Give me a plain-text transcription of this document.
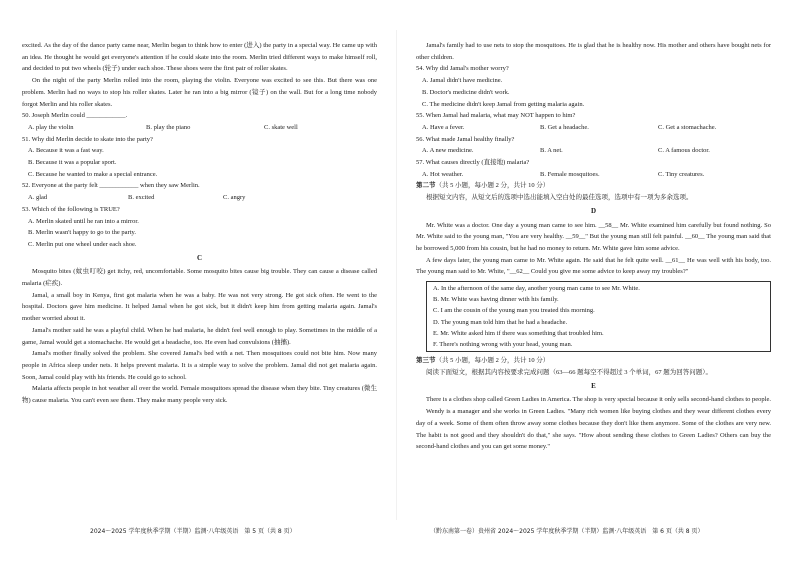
excited. As the day of the dance party came near, Merlin began to think how to enter (进入) the party in a special way. He came up with an idea. He thought he would get everyone's attention if he could skate into the room. Merlin tried different ways to make himself roll, and decided to put two wheels (轮子) under each shoe. These shoes were the first pair of roller skates.

On the night of the party Merlin rolled into the room, playing the violin. Everyone was excited to see this. But there was one problem. Merlin had no ways to stop his roller skates. Later he ran into a big mirror (镜子) on the wall. But for a long time nobody forgot Merlin and his roller skates.

50. Joseph Merlin could ____________.

A. play the violin	B. play the piano	C. skate well

51. Why did Merlin decide to skate into the party?

A. Because it was a fast way.

B. Because it was a popular sport.

C. Because he wanted to make a special entrance.

52. Everyone at the party felt ____________ when they saw Merlin.

A. glad	B. excited	C. angry

53. Which of the following is TRUE?

A. Merlin skated until he ran into a mirror.

B. Merlin wasn't happy to go to the party.

C. Merlin put one wheel under each shoe.

C

Mosquito bites (蚊虫叮咬) get itchy, red, uncomfortable. Some mosquito bites cause big trouble. They can cause a disease called malaria (疟疾).

Jamal, a small boy in Kenya, first got malaria when he was a baby. He was not very strong. He got sick often. He went to the hospital. Doctors gave him medicine. It helped Jamal when he got sick, but it didn't keep him from getting malaria again. Jamal's mother worried about it.

Jamal's mother said he was a playful child. When he had malaria, he didn't feel well enough to play. Sometimes in the middle of a game, Jamal would get a stomachache. He would get a headache, too. He even had convulsions (抽搐).

Jamal's mother finally solved the problem. She covered Jamal's bed with a net. Then mosquitoes could not bite him. Now many people in Africa sleep under nets. It helps prevent malaria. It is a simple way to solve the problem. Jamal did not get malaria again. Soon, Jamal could play with his friends. He could go to school.

Malaria affects people in hot weather all over the world. Female mosquitoes spread the disease when they bite. Tiny creatures (微生物) cause malaria. You can't even see them. They make many people very sick.

Jamal's family had to use nets to stop the mosquitoes. He is glad that he is healthy now. His mother and others have bought nets for other children.

54. Why did Jamal's mother worry?

A. Jamal didn't have medicine.

B. Doctor's medicine didn't work.

C. The medicine didn't keep Jamal from getting malaria again.

55. When Jamal had malaria, what may NOT happen to him?

A. Have a fever.	B. Get a headache.	C. Get a stomachache.

56. What made Jamal healthy finally?

A. A new medicine.	B. A net.	C. A famous doctor.

57. What causes directly (直接地) malaria?

A. Hot weather.	B. Female mosquitoes.	C. Tiny creatures.

第二节（共 5 小题，每小题 2 分，共计 10 分）

根据短文内容，从短文后的选项中选出能填入空白处的最佳选项，选项中有一项为多余选项。

D

Mr. White was a doctor. One day a young man came to see him. __58__ Mr. White examined him carefully but found nothing. So Mr. White said to the young man, "You are very healthy. __59__" But the young man still felt painful. __60__ The young man said that he borrowed 5,000 from his cousin, but he had no money to return. Mr. White gave him some advice.

A few days later, the young man came to Mr. White again. He said that he felt quite well. __61__ He was well with his body, too. The young man said to Mr. White, "__62__ Could you give me some advice to keep away my troubles?"

A. In the afternoon of the same day, another young man came to see Mr. White.

B. Mr. White was having dinner with his family.

C. I am the cousin of the young man you treated this morning.

D. The young man told him that he had a headache.

E. Mr. White asked him if there was something that troubled him.

F. There's nothing wrong with your head, young man.

第三节（共 5 小题，每小题 2 分，共计 10 分）

阅读下面短文，根据其内容按要求完成问题（63—66 题每空不得超过 3 个单词，67 题为回答问题）。

E

There is a clothes shop called Green Ladies in America. The shop is very special because it only sells second-hand clothes to people.

Wendy is a manager and she works in Green Ladies. "Many rich women like buying clothes and they wear different clothes every day of a week. Some of them often throw away some clothes because they don't like them anymore. Some of the clothes are very new. The habit is not good and they shouldn't do that," she says. "How about sending these clothes to Green Ladies? Others can buy the second-hand clothes and you can get some money."

2024～2025 学年度秋季学期（半期）监测·八年级英语　第 5 页（共 8 页）	（黔东南第一卷）贵州省 2024～2025 学年度秋季学期（半期）监测·八年级英语　第 6 页（共 8 页）
